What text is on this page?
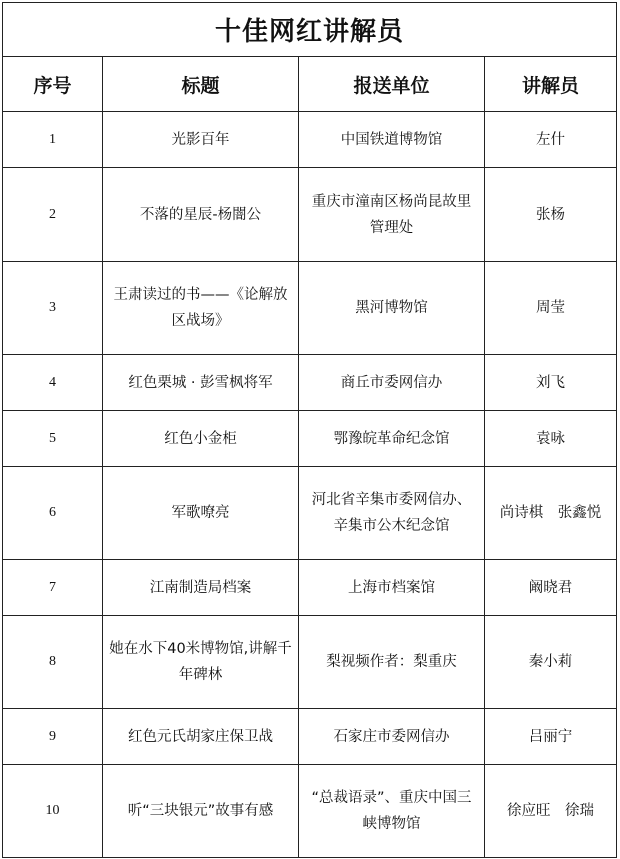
十佳网红讲解员			
序号	标题	报送单位	讲解员
1	光影百年	中国铁道博物馆	左什
2	不落的星辰-杨闇公	重庆市潼南区杨尚昆故里管理处	张杨
3	王肃读过的书——《论解放区战场》	黑河博物馆	周莹
4	红色栗城 · 彭雪枫将军	商丘市委网信办	刘飞
5	红色小金柜	鄂豫皖革命纪念馆	袁咏
6	军歌嘹亮	河北省辛集市委网信办、辛集市公木纪念馆	尚诗棋　张鑫悦
7	江南制造局档案	上海市档案馆	阚晓君
8	她在水下40米博物馆,讲解千年碑林	梨视频作者：梨重庆	秦小莉
9	红色元氏胡家庄保卫战	石家庄市委网信办	吕丽宁
10	听“三块银元”故事有感	“总裁语录”、重庆中国三峡博物馆	徐应旺　徐瑞
